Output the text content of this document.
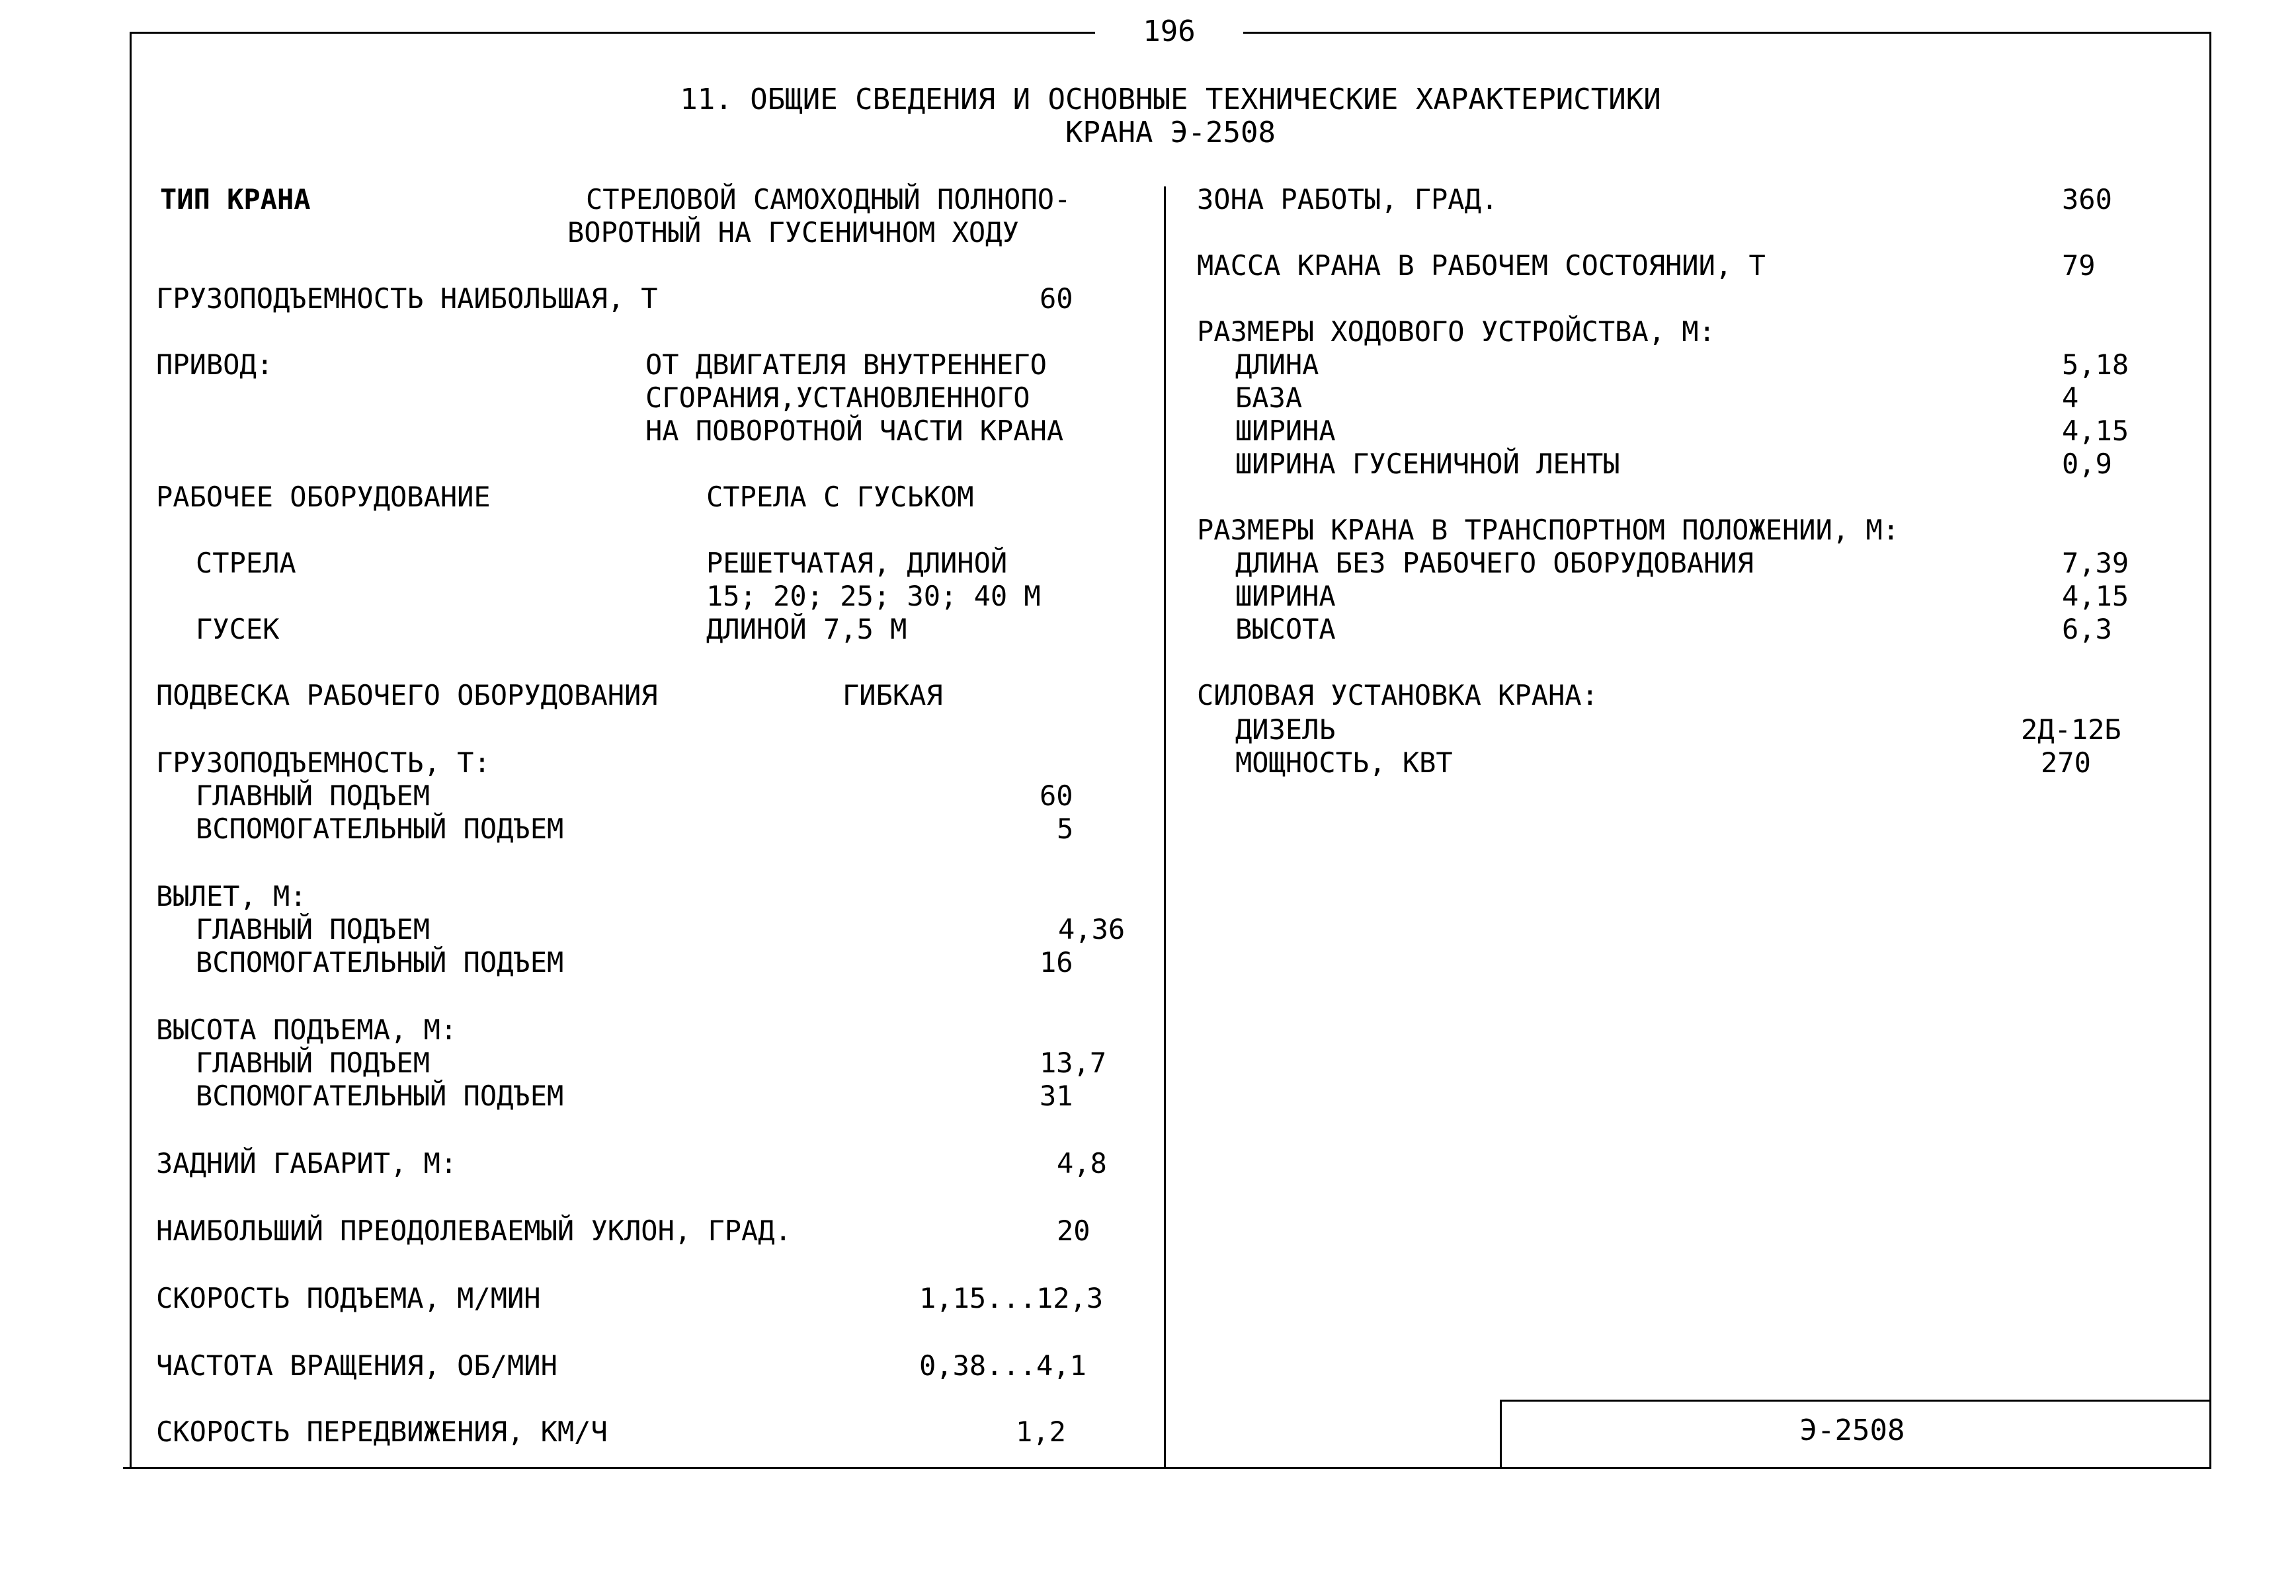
196
11. ОБЩИЕ СВЕДЕНИЯ И ОСНОВНЫЕ ТЕХНИЧЕСКИЕ ХАРАКТЕРИСТИКИ
КРАНА Э-2508
ТИП КРАНА	СТРЕЛОВОЙ САМОХОДНЫЙ ПОЛНОПО-
ВОРОТНЫЙ НА ГУСЕНИЧНОМ ХОДУ
ГРУЗОПОДЪЕМНОСТЬ НАИБОЛЬШАЯ, Т	60
ПРИВОД:	ОТ ДВИГАТЕЛЯ ВНУТРЕННЕГО
СГОРАНИЯ,УСТАНОВЛЕННОГО
НА ПОВОРОТНОЙ ЧАСТИ КРАНА
РАБОЧЕЕ ОБОРУДОВАНИЕ	СТРЕЛА С ГУСЬКОМ
СТРЕЛА	РЕШЕТЧАТАЯ, ДЛИНОЙ
15; 20; 25; 30; 40 М
ГУСЕК	ДЛИНОЙ 7,5 М
ПОДВЕСКА РАБОЧЕГО ОБОРУДОВАНИЯ	ГИБКАЯ
ГРУЗОПОДЪЕМНОСТЬ, Т:
ГЛАВНЫЙ ПОДЪЕМ	60
ВСПОМОГАТЕЛЬНЫЙ ПОДЪЕМ	5
ВЫЛЕТ, М:
ГЛАВНЫЙ ПОДЪЕМ	4,36
ВСПОМОГАТЕЛЬНЫЙ ПОДЪЕМ	16
ВЫСОТА ПОДЪЕМА, М:
ГЛАВНЫЙ ПОДЪЕМ	13,7
ВСПОМОГАТЕЛЬНЫЙ ПОДЪЕМ	31
ЗАДНИЙ ГАБАРИТ, М:	4,8
НАИБОЛЬШИЙ ПРЕОДОЛЕВАЕМЫЙ УКЛОН, ГРАД.	20
СКОРОСТЬ ПОДЪЕМА, М/МИН	1,15...12,3
ЧАСТОТА ВРАЩЕНИЯ, ОБ/МИН	0,38...4,1
СКОРОСТЬ ПЕРЕДВИЖЕНИЯ, КМ/Ч	1,2
ЗОНА РАБОТЫ, ГРАД.	360
МАССА КРАНА В РАБОЧЕМ СОСТОЯНИИ, Т	79
РАЗМЕРЫ ХОДОВОГО УСТРОЙСТВА, М:
ДЛИНА	5,18
БАЗА	4
ШИРИНА	4,15
ШИРИНА ГУСЕНИЧНОЙ ЛЕНТЫ	0,9
РАЗМЕРЫ КРАНА В ТРАНСПОРТНОМ ПОЛОЖЕНИИ, М:
ДЛИНА БЕЗ РАБОЧЕГО ОБОРУДОВАНИЯ	7,39
ШИРИНА	4,15
ВЫСОТА	6,3
СИЛОВАЯ УСТАНОВКА КРАНА:
ДИЗЕЛЬ	2Д-12Б
МОЩНОСТЬ, КВТ	270
Э-2508
